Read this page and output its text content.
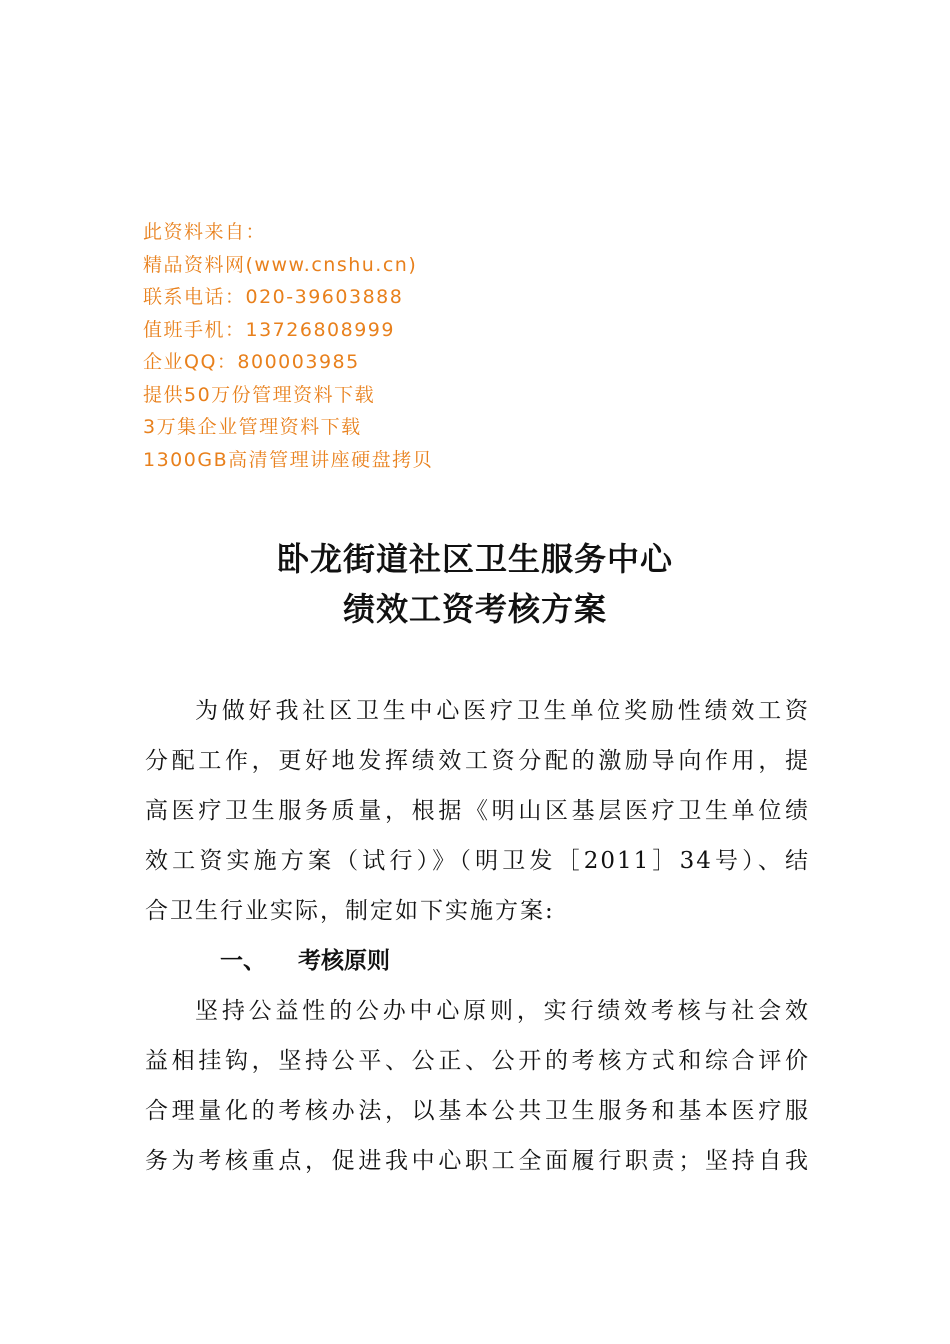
此资料来自：
精品资料网(www.cnshu.cn)
联系电话：020-39603888
值班手机：13726808999
企业QQ：800003985
提供50万份管理资料下载
3万集企业管理资料下载
1300GB高清管理讲座硬盘拷贝
卧龙街道社区卫生服务中心
绩效工资考核方案
为做好我社区卫生中心医疗卫生单位奖励性绩效工资
分配工作，更好地发挥绩效工资分配的激励导向作用，提
高医疗卫生服务质量，根据《明山区基层医疗卫生单位绩
效工资实施方案（试行）》（明卫发［2011］34号）、结
合卫生行业实际，制定如下实施方案:
一、 考核原则
坚持公益性的公办中心原则，实行绩效考核与社会效
益相挂钩，坚持公平、公正、公开的考核方式和综合评价
合理量化的考核办法，以基本公共卫生服务和基本医疗服
务为考核重点，促进我中心职工全面履行职责；坚持自我
